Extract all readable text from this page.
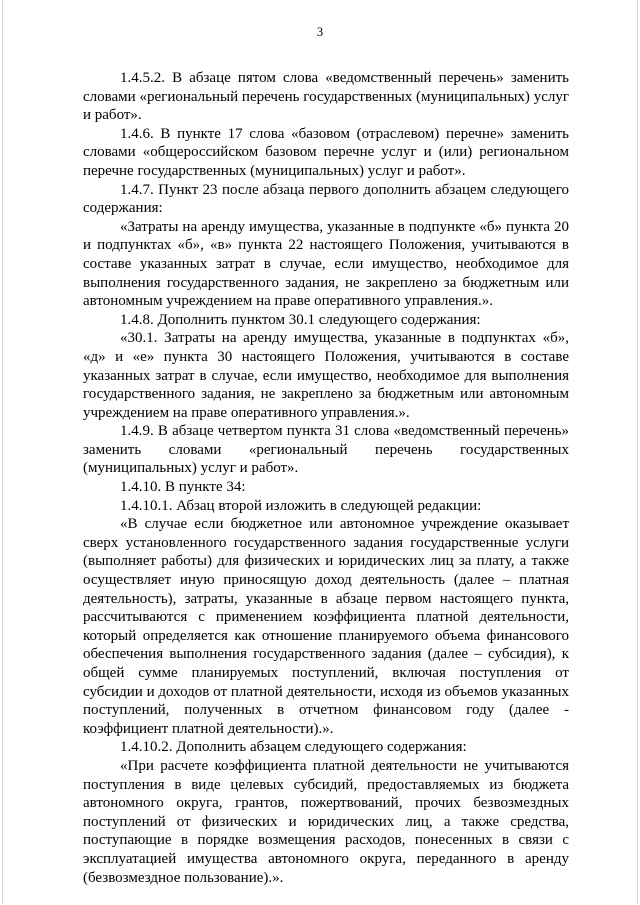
3

1.4.5.2. В абзаце пятом слова «ведомственный перечень» заменить словами «региональный перечень государственных (муниципальных) услуг и работ».

1.4.6. В пункте 17 слова «базовом (отраслевом) перечне» заменить словами «общероссийском базовом перечне услуг и (или) региональном перечне государственных (муниципальных) услуг и работ».

1.4.7. Пункт 23 после абзаца первого дополнить абзацем следующего содержания:

«Затраты на аренду имущества, указанные в подпункте «б» пункта 20 и подпунктах «б», «в» пункта 22 настоящего Положения, учитываются в составе указанных затрат в случае, если имущество, необходимое для выполнения государственного задания, не закреплено за бюджетным или автономным учреждением на праве оперативного управления.».

1.4.8. Дополнить пунктом 30.1 следующего содержания:

«30.1. Затраты на аренду имущества, указанные в подпунктах «б», «д» и «е» пункта 30 настоящего Положения, учитываются в составе указанных затрат в случае, если имущество, необходимое для выполнения государственного задания, не закреплено за бюджетным или автономным учреждением на праве оперативного управления.».

1.4.9. В абзаце четвертом пункта 31 слова «ведомственный перечень» заменить словами «региональный перечень государственных (муниципальных) услуг и работ».

1.4.10. В пункте 34:

1.4.10.1. Абзац второй изложить в следующей редакции:

«В случае если бюджетное или автономное учреждение оказывает сверх установленного государственного задания государственные услуги (выполняет работы) для физических и юридических лиц за плату, а также осуществляет иную приносящую доход деятельность (далее – платная деятельность), затраты, указанные в абзаце первом настоящего пункта, рассчитываются с применением коэффициента платной деятельности, который определяется как отношение планируемого объема финансового обеспечения выполнения государственного задания (далее – субсидия), к общей сумме планируемых поступлений, включая поступления от субсидии и доходов от платной деятельности, исходя из объемов указанных поступлений, полученных в отчетном финансовом году (далее - коэффициент платной деятельности).».

1.4.10.2. Дополнить абзацем следующего содержания:

«При расчете коэффициента платной деятельности не учитываются поступления в виде целевых субсидий, предоставляемых из бюджета автономного округа, грантов, пожертвований, прочих безвозмездных поступлений от физических и юридических лиц, а также средства, поступающие в порядке возмещения расходов, понесенных в связи с эксплуатацией имущества автономного округа, переданного в аренду (безвозмездное пользование).».
